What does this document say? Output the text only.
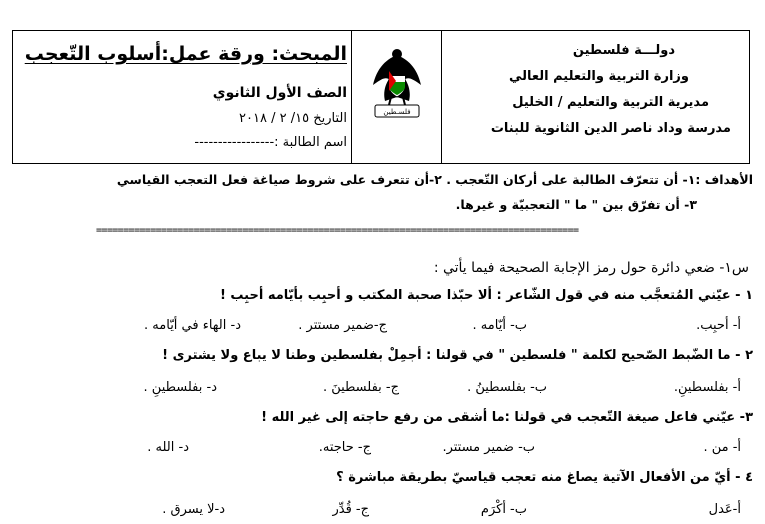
المبحث: ورقة عمل:أسلوب التّعجب
الصف الأول الثانوي
التاريخ ١٥/ ٢ / ٢٠١٨
اسم الطالبة :-----------------
فلسـطين
دولـــة فلسطين
وزارة التربية والتعليم العالي
مديرية التربية والتعليم / الخليل
مدرسة وداد ناصر الدين الثانوية للبنات
الأهداف :١- أن تتعرّف الطالبة على أركان التّعجب . ٢-أن تتعرف على شروط صياغة فعل التعجب القياسي
٣- أن تفرّق بين " ما " التعجبيّة و غيرها.
=========================================================================================
س١- ضعي دائرة حول رمز الإجابة الصحيحة فيما يأتي :
١ - عيّني المُتعجَّب منه في قول الشّاعر : ألا حبّذا صحبة المكتب و أحبِب بأيّامه أحبِب !
أ- أحبِب.
ب- أيّامه .
ج-ضمير مستتر .
د- الهاء في أيّامه .
٢ - ما الضّبط الصّحيح لكلمة " فلسطين " في قولنا : أجمِلْ بفلسطين وطنا لا يباع ولا يشترى !
أ- بفلسطينِ.
ب- بفلسطينُ .
ج- بفلسطينَ .
د- بفلسطينِ .
٣- عيّني فاعل صيغة التّعجب في قولنا :ما أشقى من رفع حاجته إلى غير الله !
أ- من .
ب- ضمير مستتر.
ج- حاجته.
د- الله .
٤ - أيّ من الأفعال الآتية يصاغ منه تعجب قياسيّ بطريقة مباشرة ؟
أ-عَدل
ب- أكْرَم
ج- قُدِّر
د-لا يسرق .
